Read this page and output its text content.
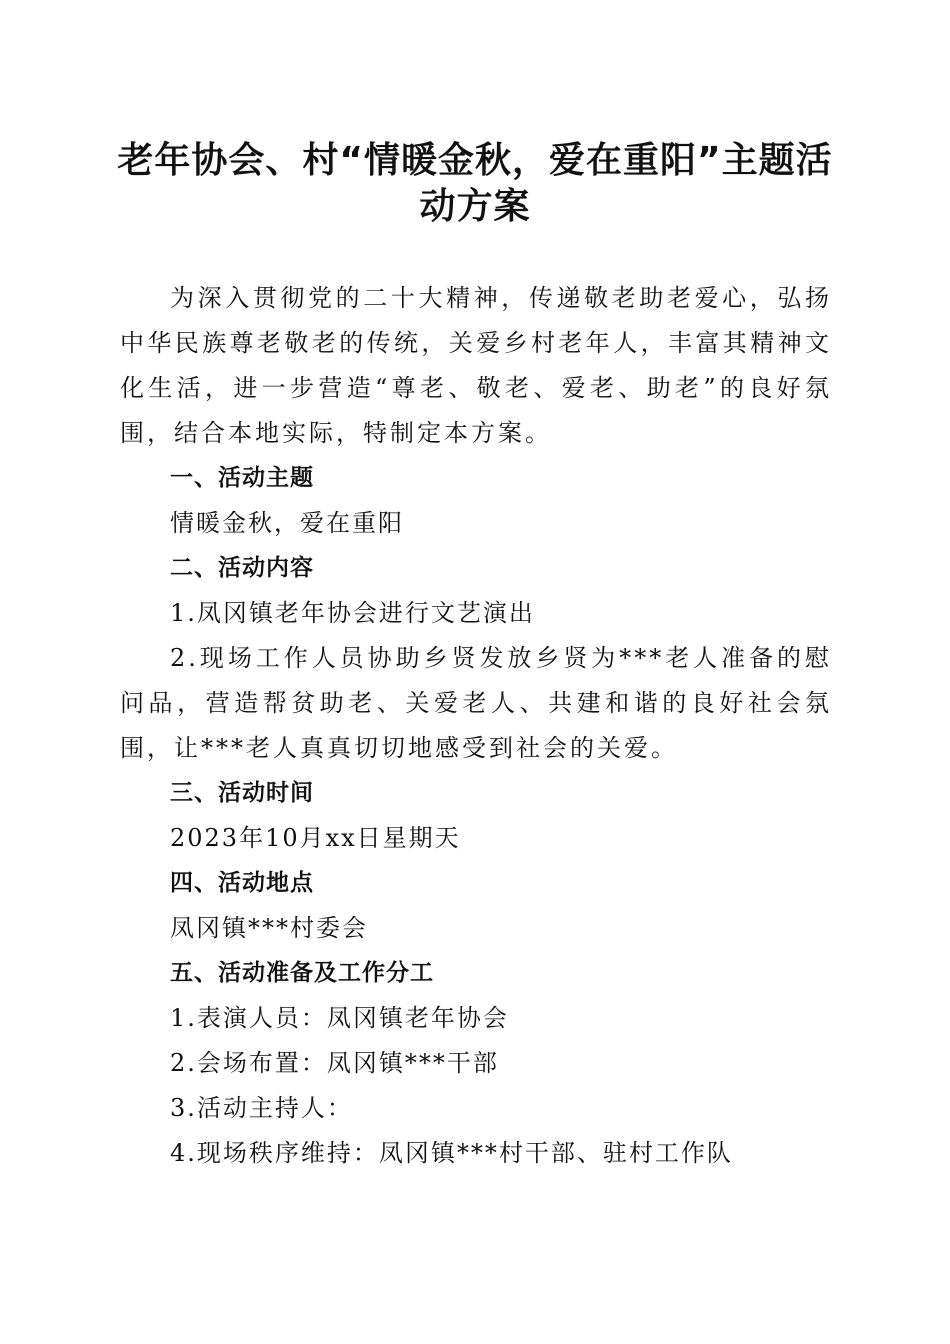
老年协会、村“情暖金秋，爱在重阳”主题活
动方案

为深入贯彻党的二十大精神，传递敬老助老爱心，弘扬中华民族尊老敬老的传统，关爱乡村老年人，丰富其精神文化生活，进一步营造“尊老、敬老、爱老、助老”的良好氛围，结合本地实际，特制定本方案。

一、活动主题

情暖金秋，爱在重阳

二、活动内容

1.凤冈镇老年协会进行文艺演出

2.现场工作人员协助乡贤发放乡贤为***老人准备的慰问品，营造帮贫助老、关爱老人、共建和谐的良好社会氛围，让***老人真真切切地感受到社会的关爱。

三、活动时间

2023年10月xx日星期天

四、活动地点

凤冈镇***村委会

五、活动准备及工作分工

1.表演人员：凤冈镇老年协会

2.会场布置：凤冈镇***干部

3.活动主持人：

4.现场秩序维持：凤冈镇***村干部、驻村工作队
